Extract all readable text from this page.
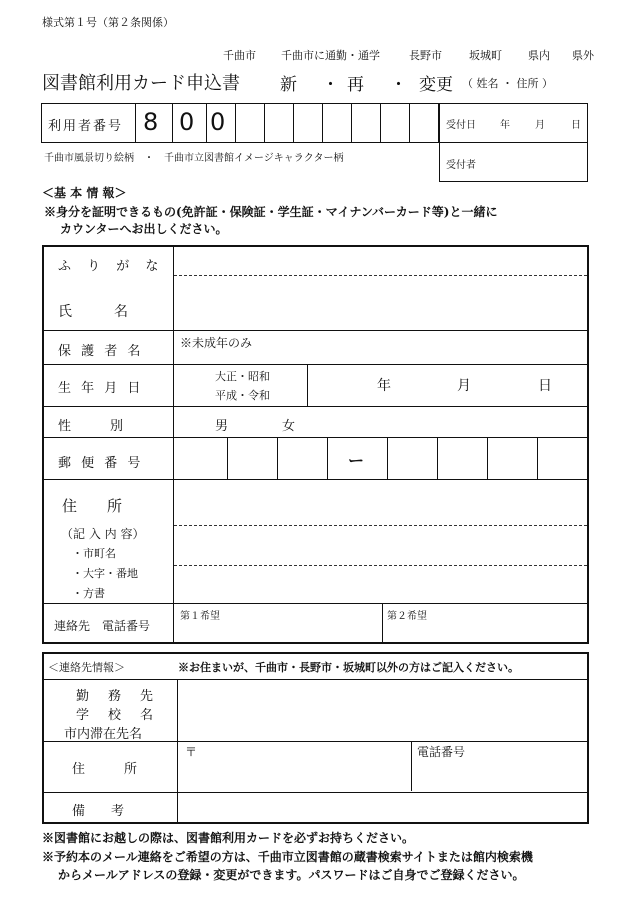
様式第１号（第２条関係）
千曲市 千曲市に通勤・通学	長野市 坂城町 県内 県外
図書館利用カード申込書 新 ・ 再 ・ 変更 （ 姓名 ・ 住所 ）
利用者番号 8 0 0	受付日 年	月	日
受付者
千曲市風景切り絵柄　・　千曲市立図書館イメージキャラクター柄
＜基 本 情 報＞
※身分を証明できるもの(免許証・保険証・学生証・マイナンバーカード等)と一緒に
カウンターへお出しください。
ふ り が な
氏　　　名
保 護 者 名
※未成年のみ
生 年 月 日
大正・昭和
平成・令和
年	月	日
性　　　別	男	女
郵 便 番 号	ー
住　　所
（記 入 内 容）
・市町名
・大字・番地
・方書
連絡先　電話番号
第１希望	第２希望
＜連絡先情報＞	※お住まいが、千曲市・長野市・坂城町以外の方はご記入ください。
勤　務　先
学　校　名
市内滞在先名
住　　　所
〒	電話番号
備　　考
※図書館にお越しの際は、図書館利用カードを必ずお持ちください。
※予約本のメール連絡をご希望の方は、千曲市立図書館の蔵書検索サイトまたは館内検索機
からメールアドレスの登録・変更ができます。パスワードはご自身でご登録ください。
